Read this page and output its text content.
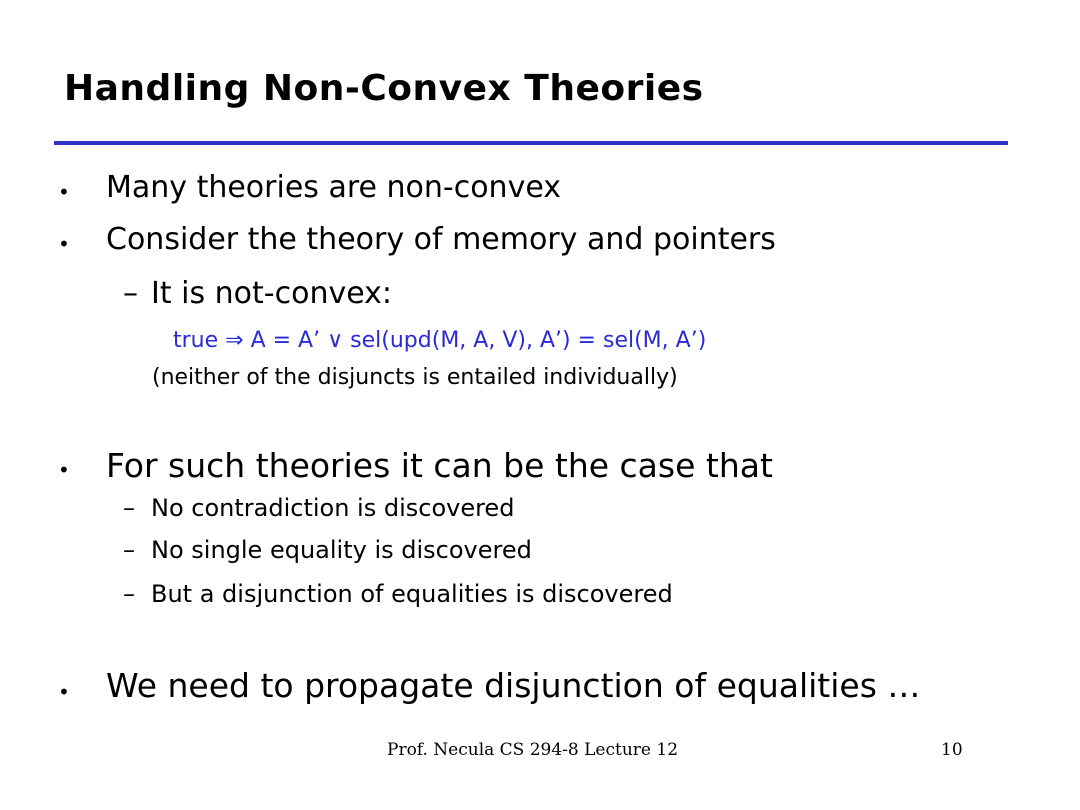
Handling Non-Convex Theories
• Many theories are non-convex
• Consider the theory of memory and pointers
– It is not-convex:
true ⇒ A = A’ ∨ sel(upd(M, A, V), A’) = sel(M, A’)
(neither of the disjuncts is entailed individually)
• For such theories it can be the case that
– No contradiction is discovered
– No single equality is discovered
– But a disjunction of equalities is discovered
• We need to propagate disjunction of equalities …
Prof. Necula CS 294-8 Lecture 12	10
